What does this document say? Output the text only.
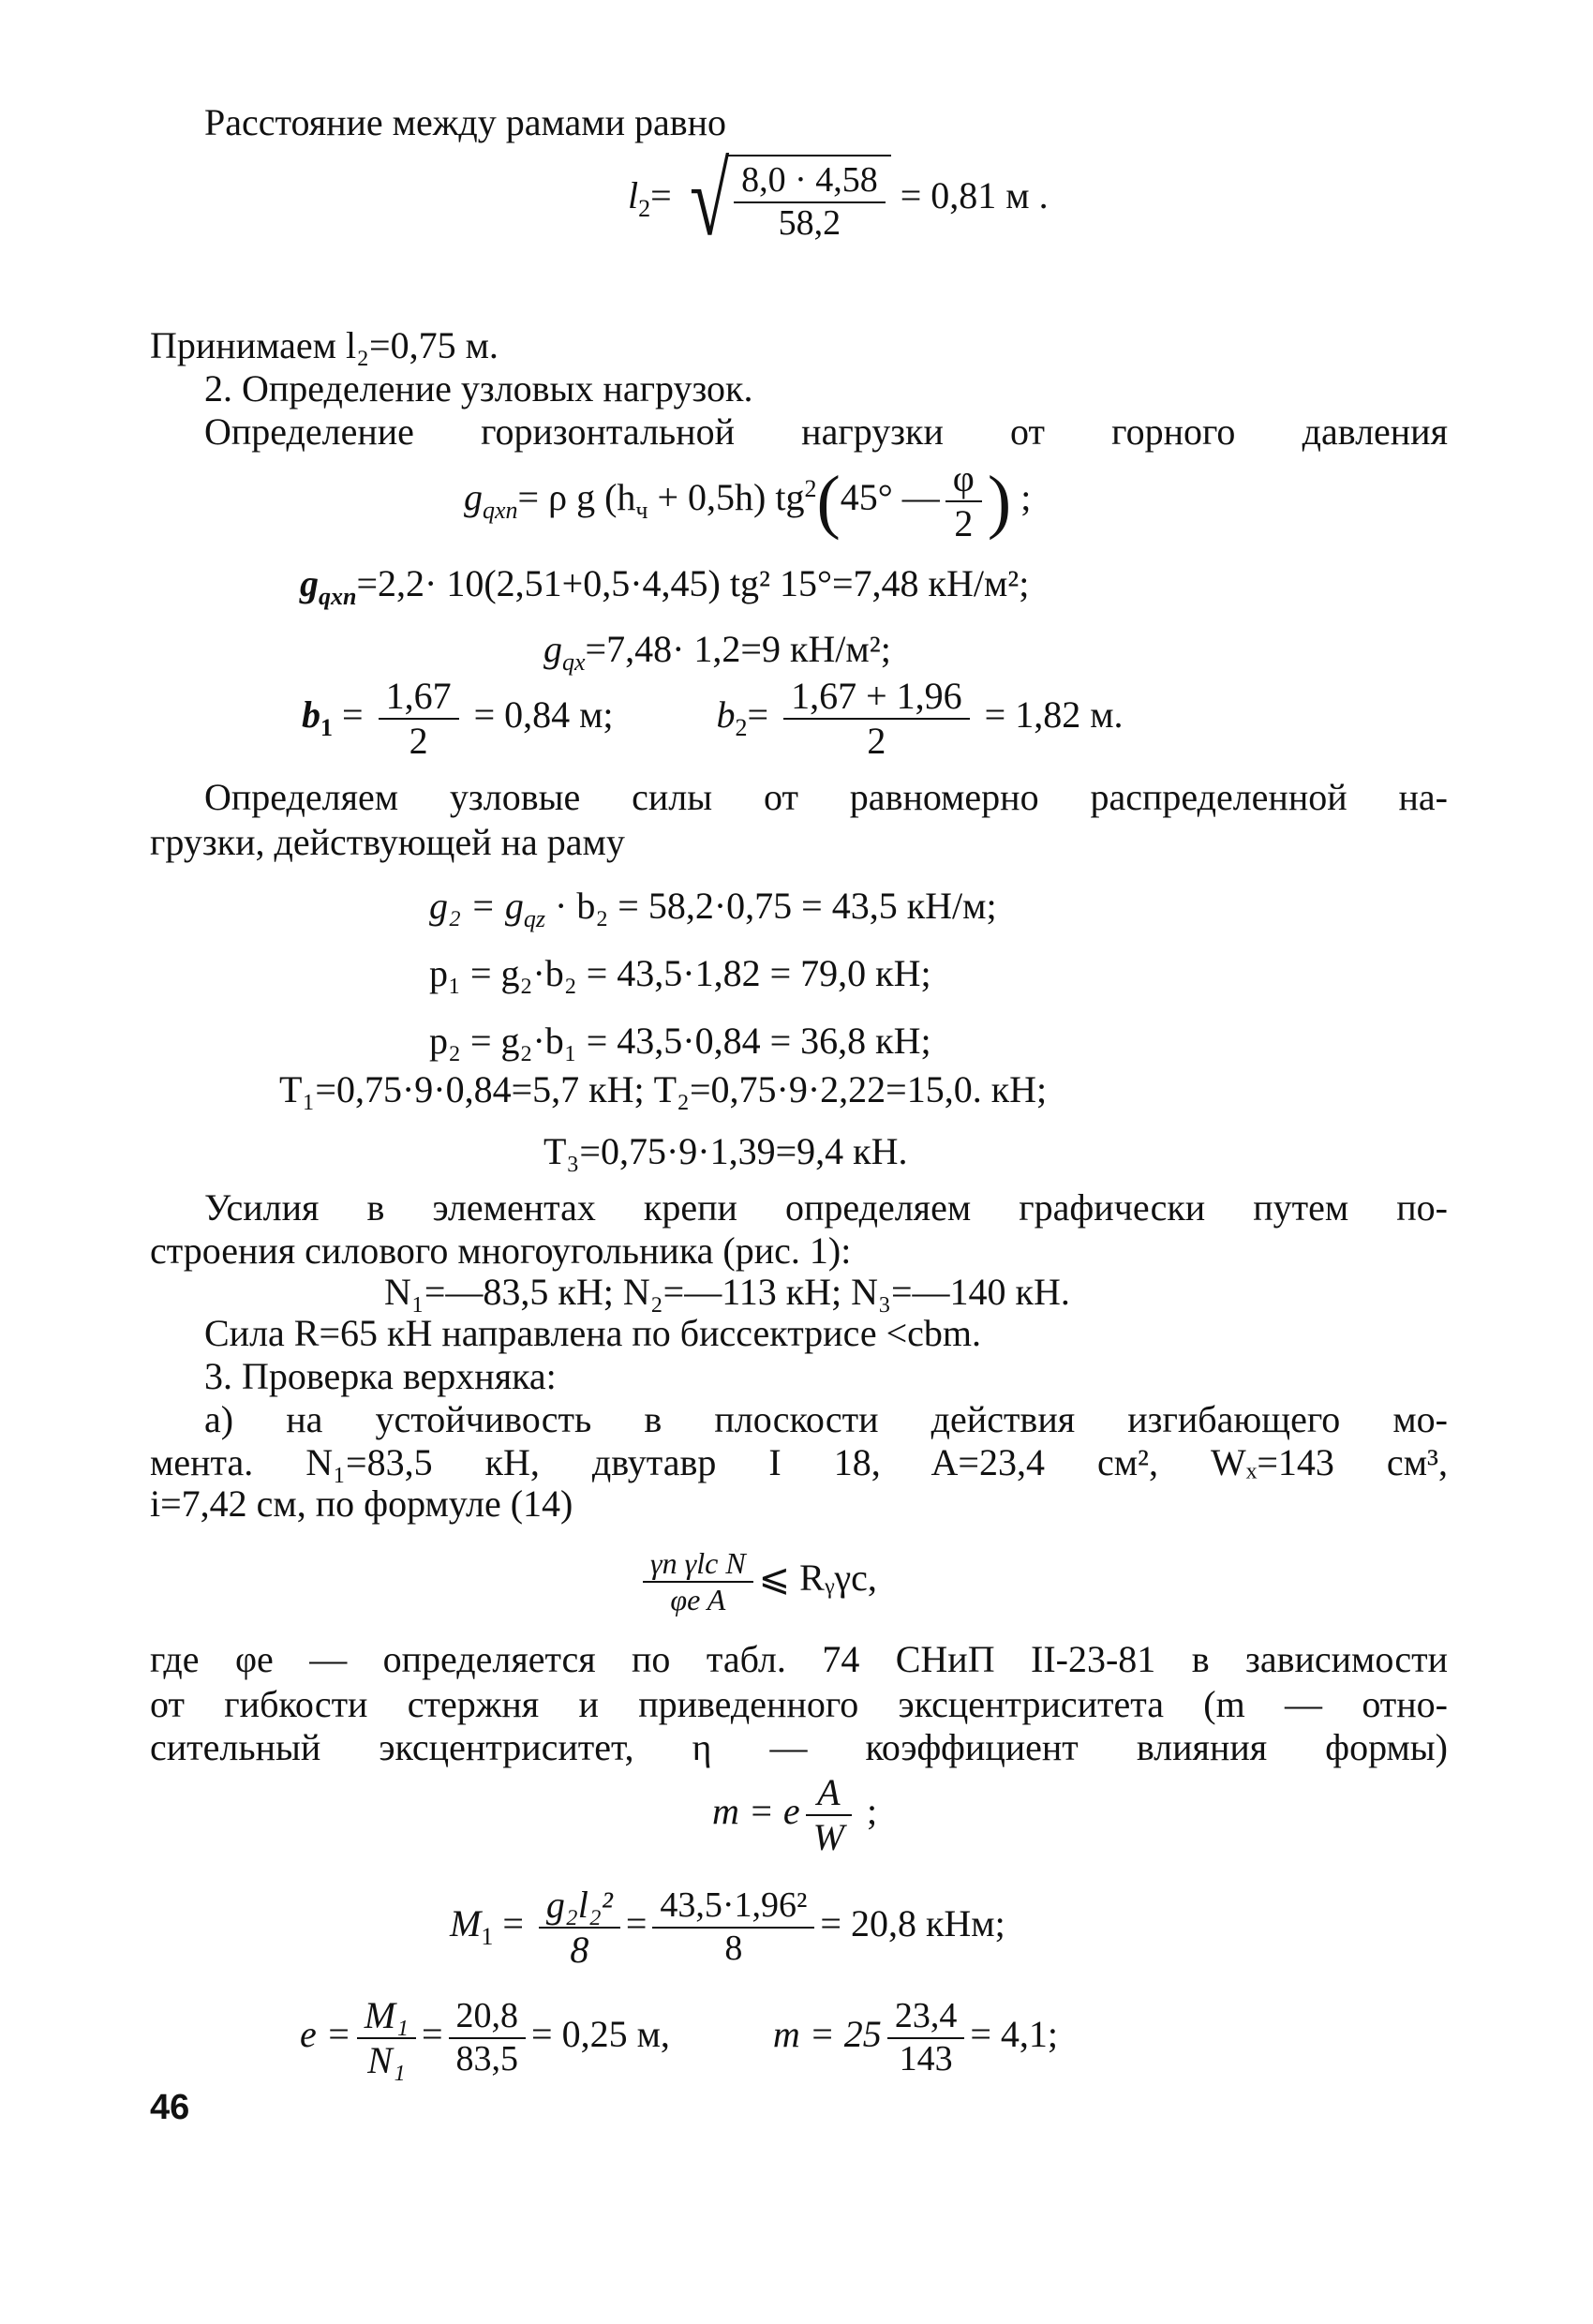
Расстояние между рамами равно
$l_2=$ √ $\frac{8,0 \cdot 4,58}{58,2} = 0,81$ м .
Принимаем l₂=0,75 м.
2. Определение узловых нагрузок.
Определение горизонтальной нагрузки от горного давления
$g_{qxn}= \rho$ g $(h_ч + 0,5h)$ $tg^2(45^\circ$ — $\frac{\varphi}{2}$ ) ;
$g_{qxn}=2,2\cdot 10(2,51+0,5\cdot 4,45)$ tg² 15°=7,48 кН/м²;
$g_{qx}=7,48\cdot 1,2=9$ кН/м²;
$b_1 = \frac{1,67}{2} = 0,84$ м;	$b_2= \frac{1,67 + 1,96}{2} = 1,82$ м.
Определяем узловые силы от равномерно распределенной на-
грузки, действующей на раму
$g_2 = g_{qz} \cdot b_2 = 58,2\cdot 0,75 = 43,5$ кН/м;
p₁ = g₂·b₂ = 43,5·1,82 = 79,0 кН;
p₂ = g₂·b₁ = 43,5·0,84 = 36,8 кН;
T₁=0,75·9·0,84=5,7 кН; T₂=0,75·9·2,22=15,0. кН;
T₃=0,75·9·1,39=9,4 кН.
Усилия в элементах крепи определяем графически путем по-
строения силового многоугольника (рис. 1):
N₁=—83,5 кН; N₂=—113 кН; N₃=—140 кН.
Сила R=65 кН направлена по биссектрисе <cbm.
3. Проверка верхняка:
а) на устойчивость в плоскости действия изгибающего мо-
мента. N₁=83,5 кН, двутавр I 18, A=23,4 см², Wₓ=143 см³,
i=7,42 см, по формуле (14)
$\frac{\text{γn γlc N}}{\text{φe A}}$ ⩽ Rᵧγc,
где φe — определяется по табл. 74 СНиП II-23-81 в зависимости
от гибкости стержня и приведенного эксцентриситета (m — отно-
сительный эксцентриситет, η — коэффициент влияния формы)
m = e $\frac{A}{W}$ ;
$M_1 = \frac{\text{g₂l₂²}}{8} = \frac{\text{43,5·1,96²}}{8} = 20,8$ кНм;
$e = \frac{\text{M₁}}{\text{N₁}} = \frac{20,8}{83,5} = 0,25$ м,	$m = 25 \frac{23,4}{143} = 4,1$;
46
